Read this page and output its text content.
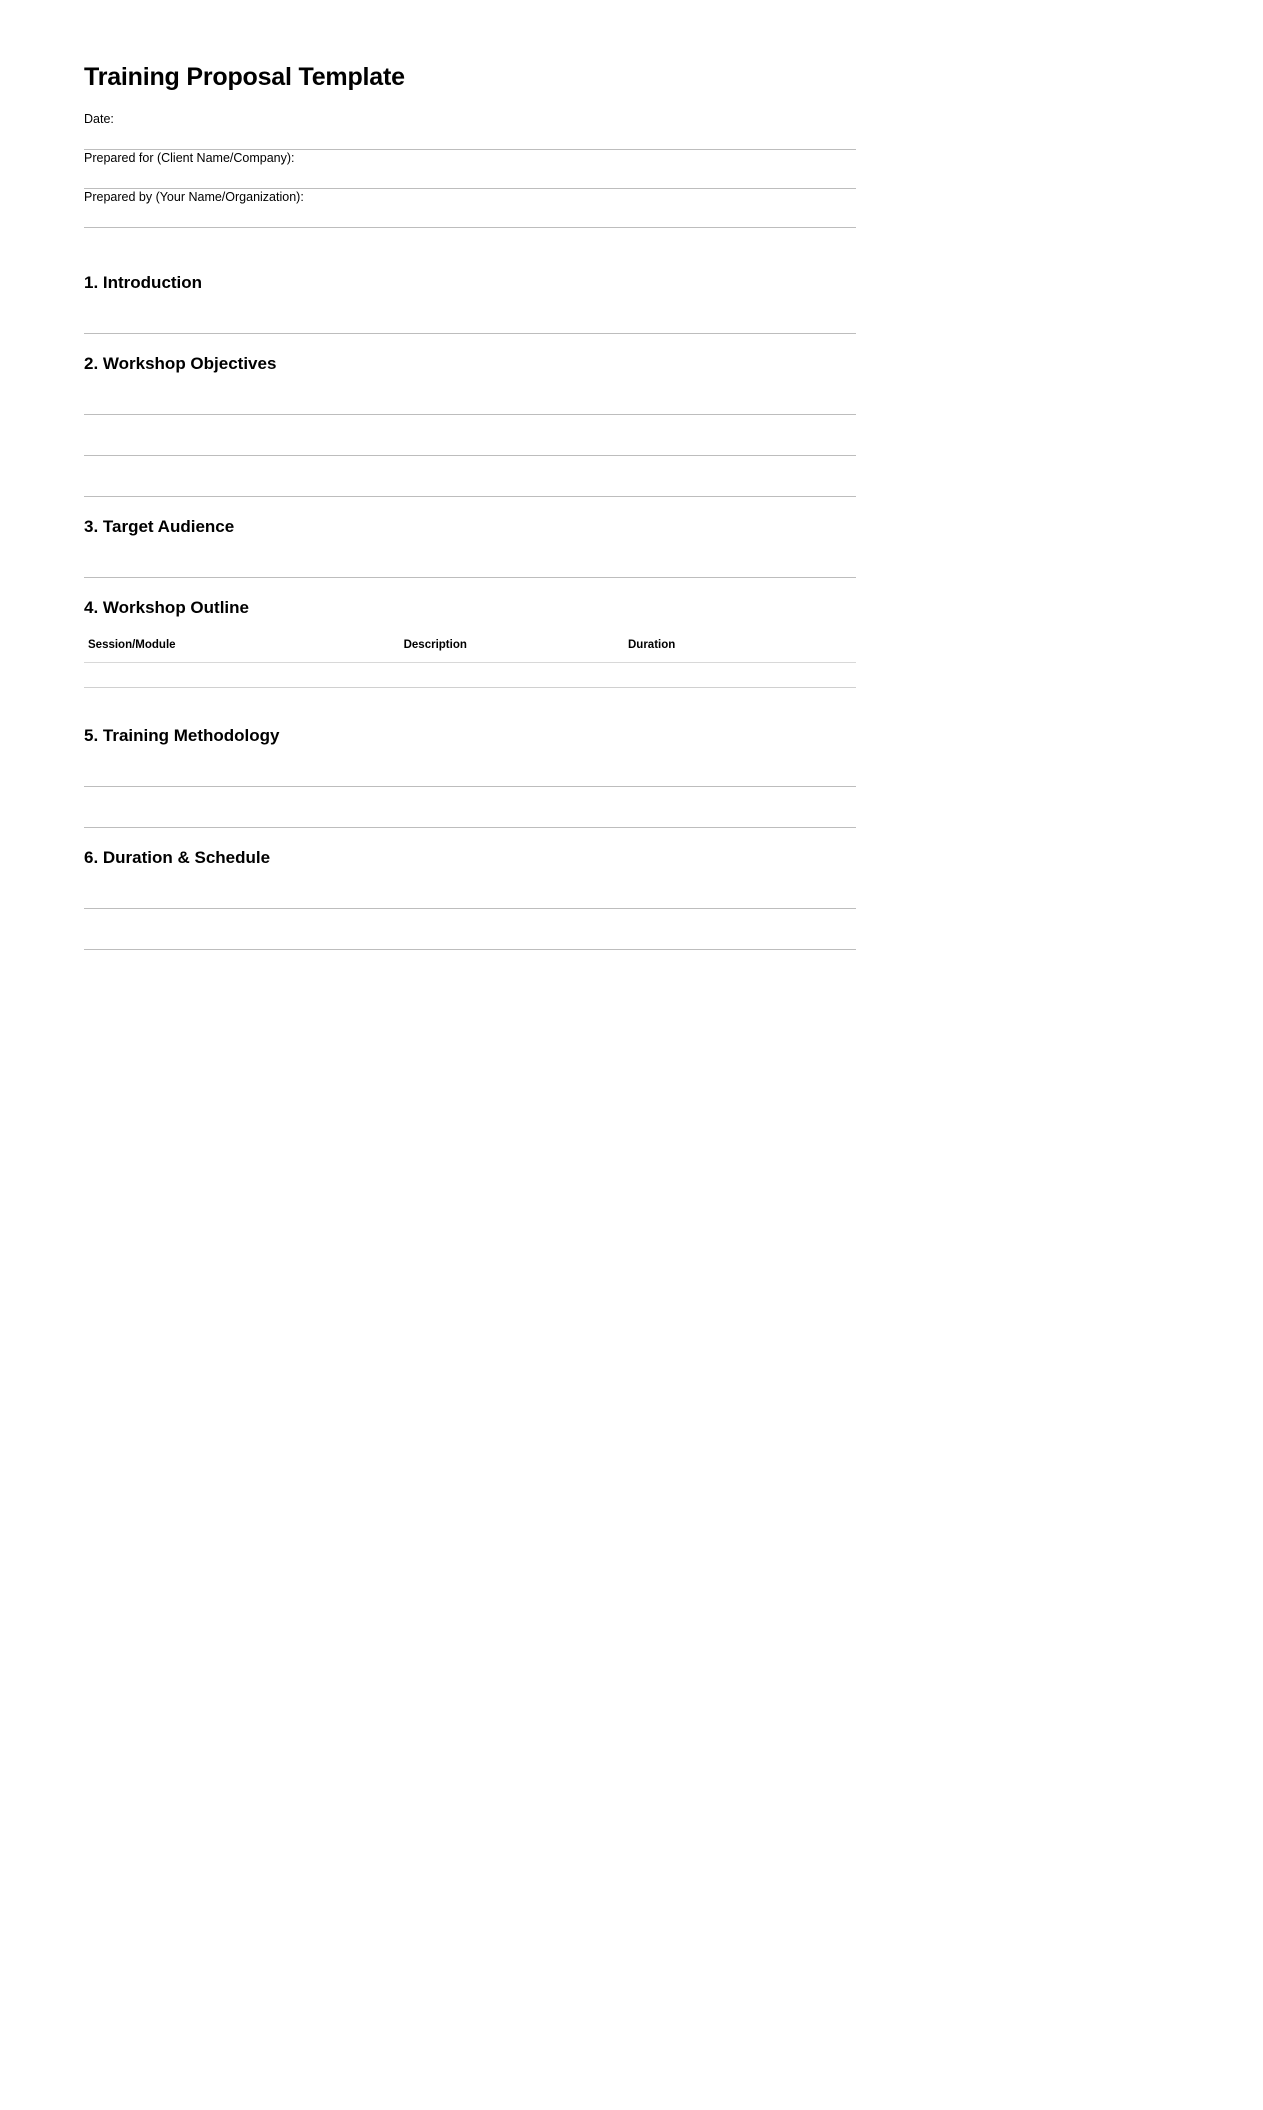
Training Proposal Template
Date:
Prepared for (Client Name/Company):
Prepared by (Your Name/Organization):
1. Introduction
2. Workshop Objectives
3. Target Audience
4. Workshop Outline
Session/Module	Description	Duration

5. Training Methodology
6. Duration & Schedule
